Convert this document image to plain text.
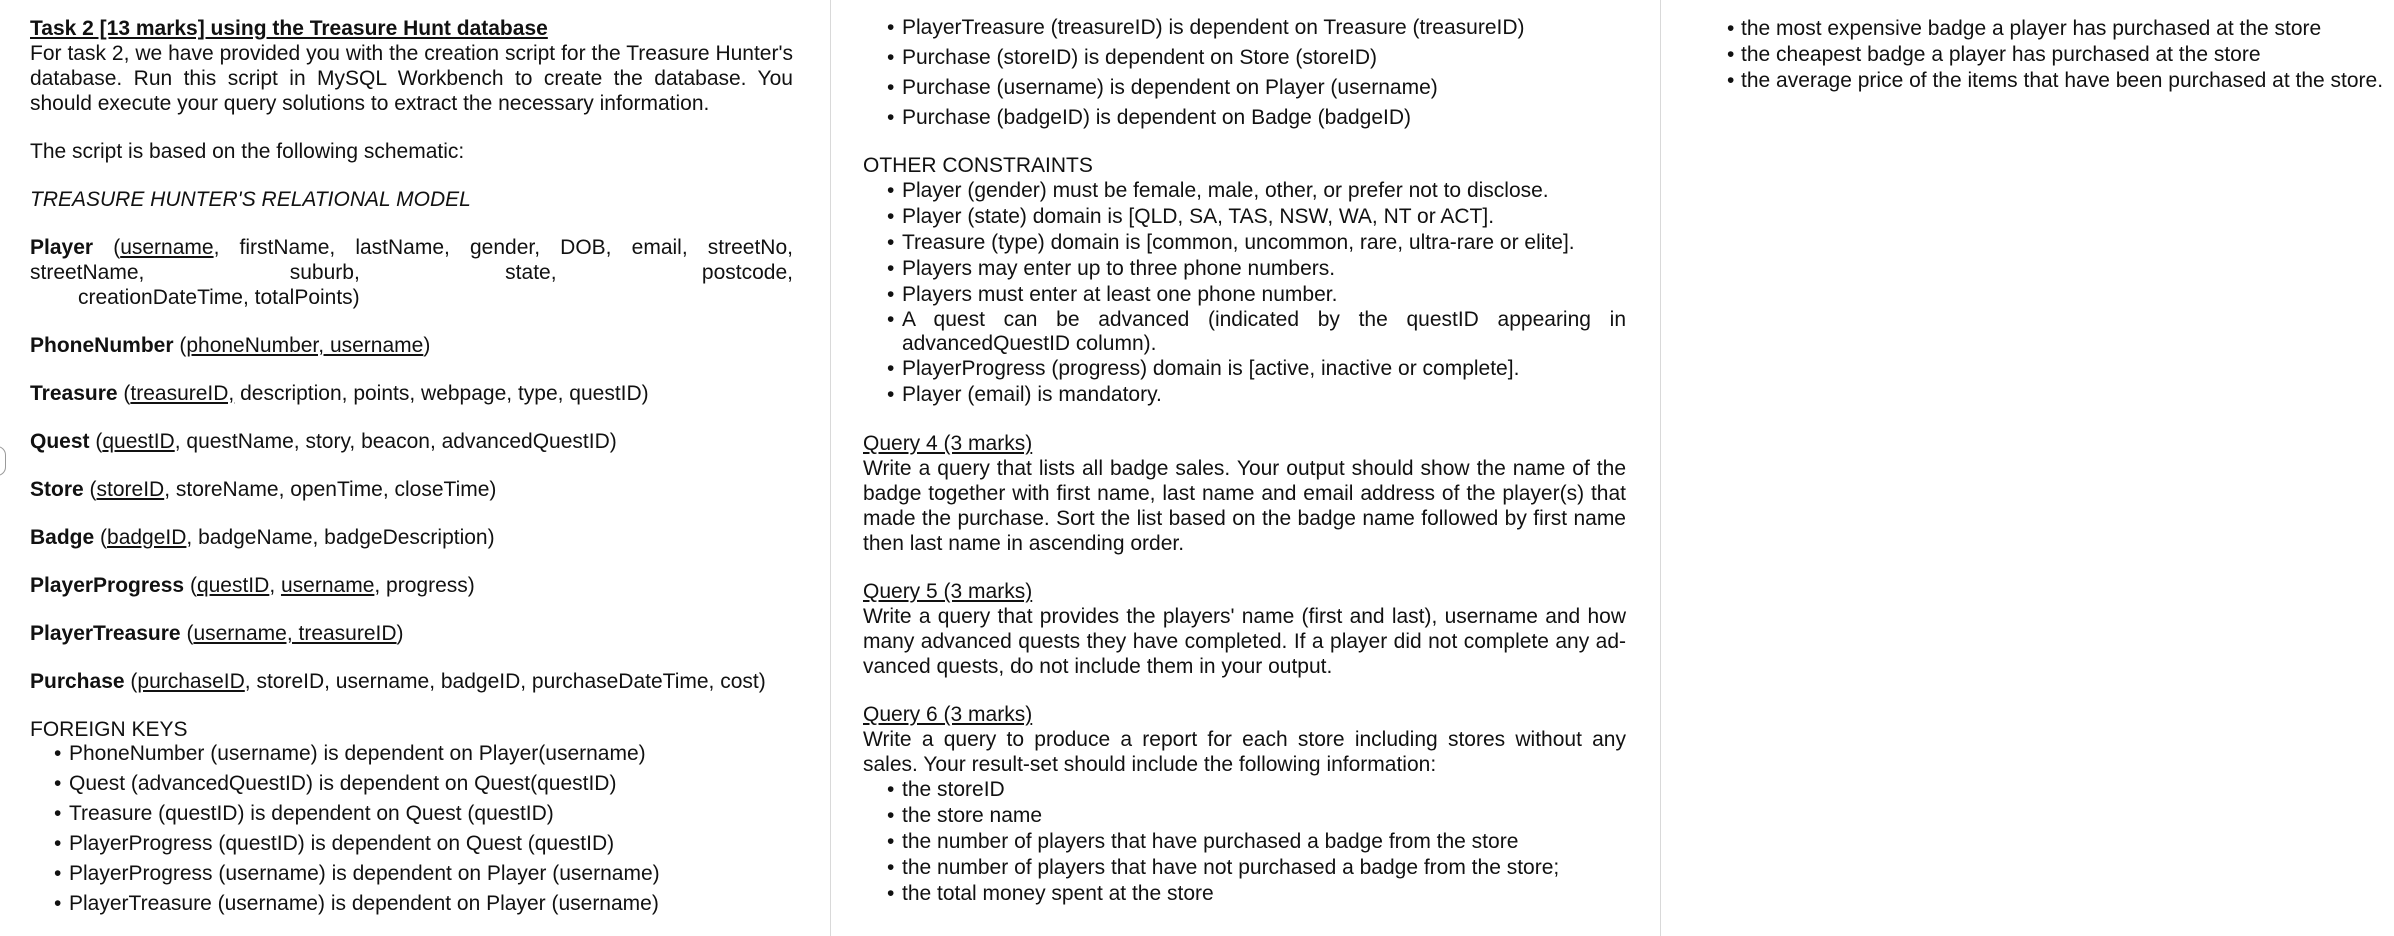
Task 2 [13 marks] using the Treasure Hunt database

For task 2, we have provided you with the creation script for the Treasure Hunter's database. Run this script in MySQL Workbench to create the database. You should execute your query solutions to extract the necessary information.

The script is based on the following schematic:

TREASURE HUNTER'S RELATIONAL MODEL

Player (username, firstName, lastName, gender, DOB, email, streetNo, streetName, suburb, state, postcode,

creationDateTime, totalPoints)

PhoneNumber (phoneNumber, username)

Treasure (treasureID, description, points, webpage, type, questID)

Quest (questID, questName, story, beacon, advancedQuestID)

Store (storeID, storeName, openTime, closeTime)

Badge (badgeID, badgeName, badgeDescription)

PlayerProgress (questID, username, progress)

PlayerTreasure (username, treasureID)

Purchase (purchaseID, storeID, username, badgeID, purchaseDateTime, cost)

FOREIGN KEYS

• PhoneNumber (username) is dependent on Player(username)
• Quest (advancedQuestID) is dependent on Quest(questID)
• Treasure (questID) is dependent on Quest (questID)
• PlayerProgress (questID) is dependent on Quest (questID)
• PlayerProgress (username) is dependent on Player (username)
• PlayerTreasure (username) is dependent on Player (username)
• PlayerTreasure (treasureID) is dependent on Treasure (treasureID)
• Purchase (storeID) is dependent on Store (storeID)
• Purchase (username) is dependent on Player (username)
• Purchase (badgeID) is dependent on Badge (badgeID)

OTHER CONSTRAINTS

• Player (gender) must be female, male, other, or prefer not to disclose.
• Player (state) domain is [QLD, SA, TAS, NSW, WA, NT or ACT].
• Treasure (type) domain is [common, uncommon, rare, ultra-rare or elite].
• Players may enter up to three phone numbers.
• Players must enter at least one phone number.
• A quest can be advanced (indicated by the questID appearing in advancedQuestID column).
• PlayerProgress (progress) domain is [active, inactive or complete].
• Player (email) is mandatory.

Query 4 (3 marks)

Write a query that lists all badge sales. Your output should show the name of the badge together with first name, last name and email address of the player(s) that made the purchase. Sort the list based on the badge name followed by first name then last name in ascending order.

Query 5 (3 marks)

Write a query that provides the players' name (first and last), username and how many advanced quests they have completed. If a player did not complete any ad-vanced quests, do not include them in your output.

Query 6 (3 marks)

Write a query to produce a report for each store including stores without any sales. Your result-set should include the following information:

• the storeID
• the store name
• the number of players that have purchased a badge from the store
• the number of players that have not purchased a badge from the store;
• the total money spent at the store
• the most expensive badge a player has purchased at the store
• the cheapest badge a player has purchased at the store
• the average price of the items that have been purchased at the store.
